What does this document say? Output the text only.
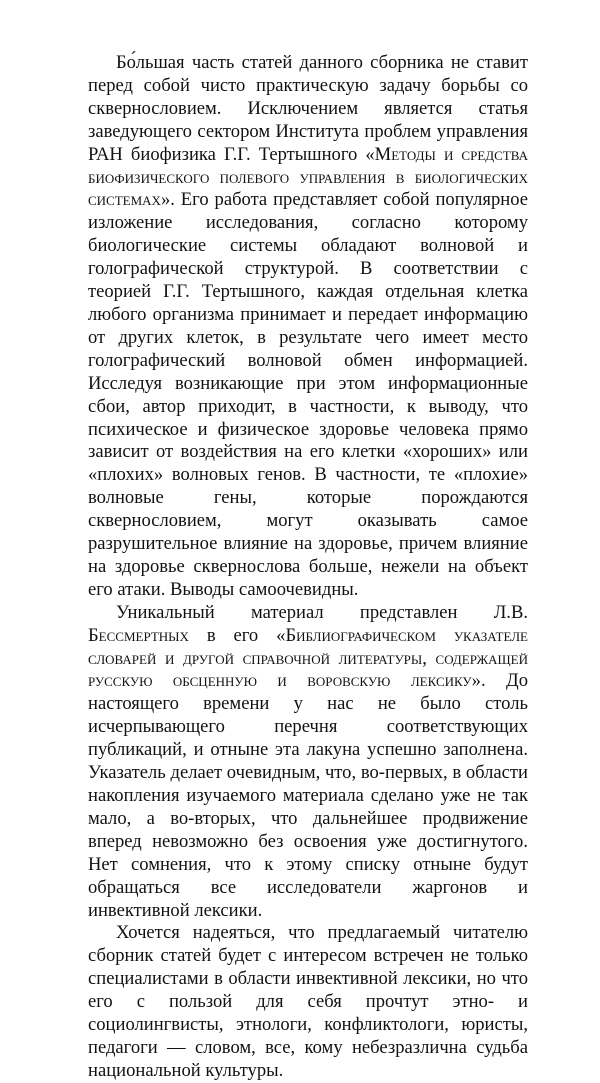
Бо́льшая часть статей данного сборника не ставит перед собой чисто практическую задачу борьбы со сквернословием. Исключением является статья заведующего сектором Института проблем управления РАН биофизика Г.Г. Тертышного «Методы и средства биофизического полевого управления в биологических системах». Его работа представляет собой популярное изложение исследования, согласно которому биологические системы обладают волновой и голографической структурой. В соответствии с теорией Г.Г. Тертышного, каждая отдельная клетка любого организма принимает и передает информацию от других клеток, в результате чего имеет место голографический волновой обмен информацией. Исследуя возникающие при этом информационные сбои, автор приходит, в частности, к выводу, что психическое и физическое здоровье человека прямо зависит от воздействия на его клетки «хороших» или «плохих» волновых генов. В частности, те «плохие» волновые гены, которые порождаются сквернословием, могут оказывать самое разрушительное влияние на здоровье, причем влияние на здоровье сквернослова больше, нежели на объект его атаки. Выводы самоочевидны.

Уникальный материал представлен Л.В. Бессмертных в его «Библиографическом указателе словарей и другой справочной литературы, содержащей русскую обсценную и воровскую лексику». До настоящего времени у нас не было столь исчерпывающего перечня соответствующих публикаций, и отныне эта лакуна успешно заполнена. Указатель делает очевидным, что, во-первых, в области накопления изучаемого материала сделано уже не так мало, а во-вторых, что дальнейшее продвижение вперед невозможно без освоения уже достигнутого. Нет сомнения, что к этому списку отныне будут обращаться все исследователи жаргонов и инвективной лексики.

Хочется надеяться, что предлагаемый читателю сборник статей будет с интересом встречен не только специалистами в области инвективной лексики, но что его с пользой для себя прочтут этно- и социолингвисты, этнологи, конфликтологи, юристы, педагоги — словом, все, кому небезразлична судьба национальной культуры.
